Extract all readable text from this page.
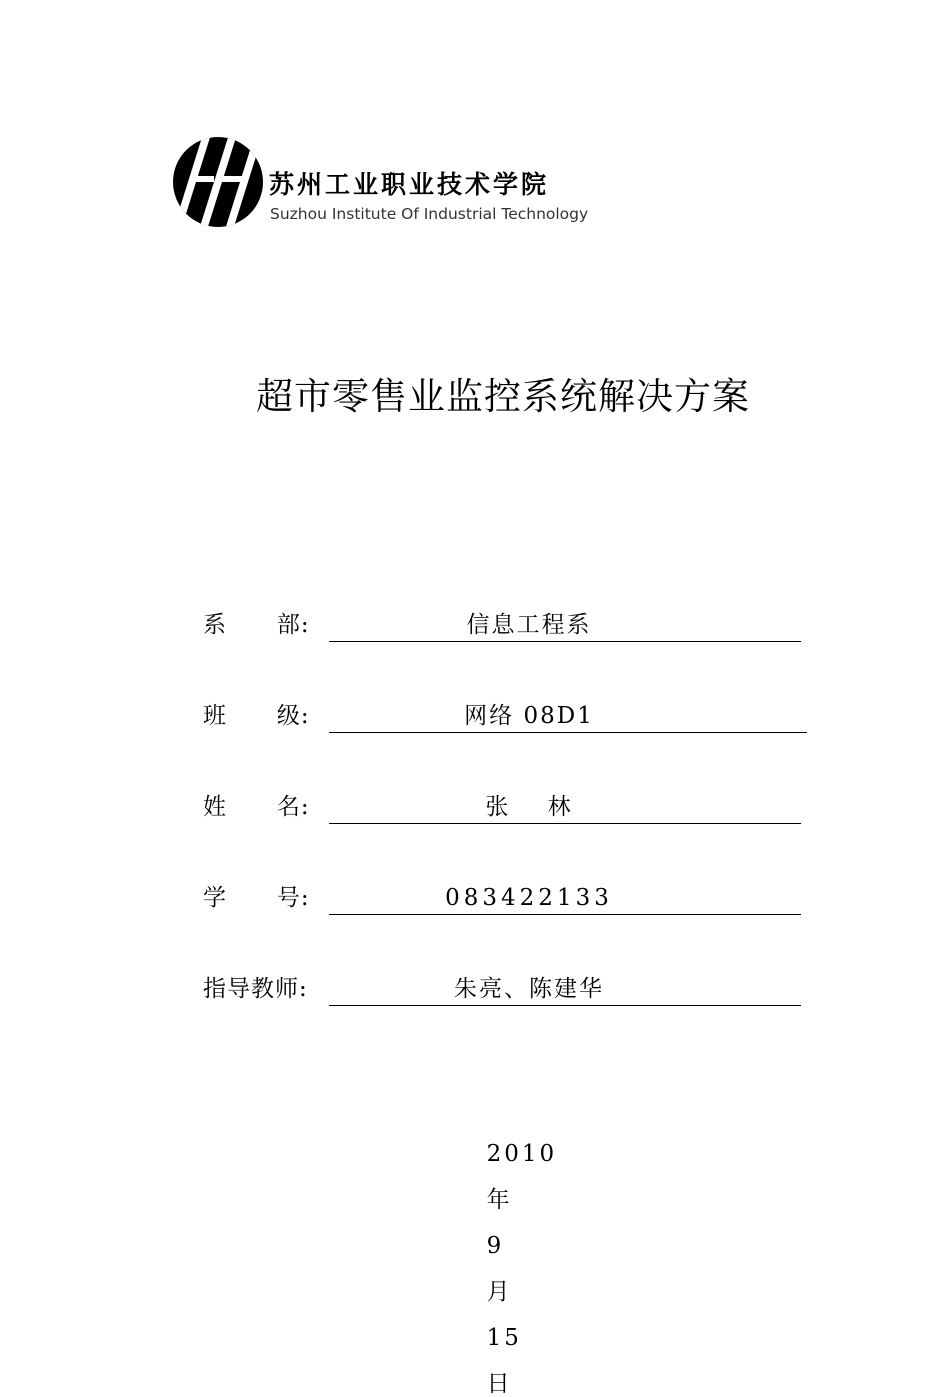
苏州工业职业技术学院
Suzhou Institute Of Industrial Technology
超市零售业监控系统解决方案
系      部:	信息工程系
班      级:	网络 08D1
姓      名:	张    林
学      号:	083422133
指导教师:	朱亮、陈建华

2010

年

9

月

15

日
